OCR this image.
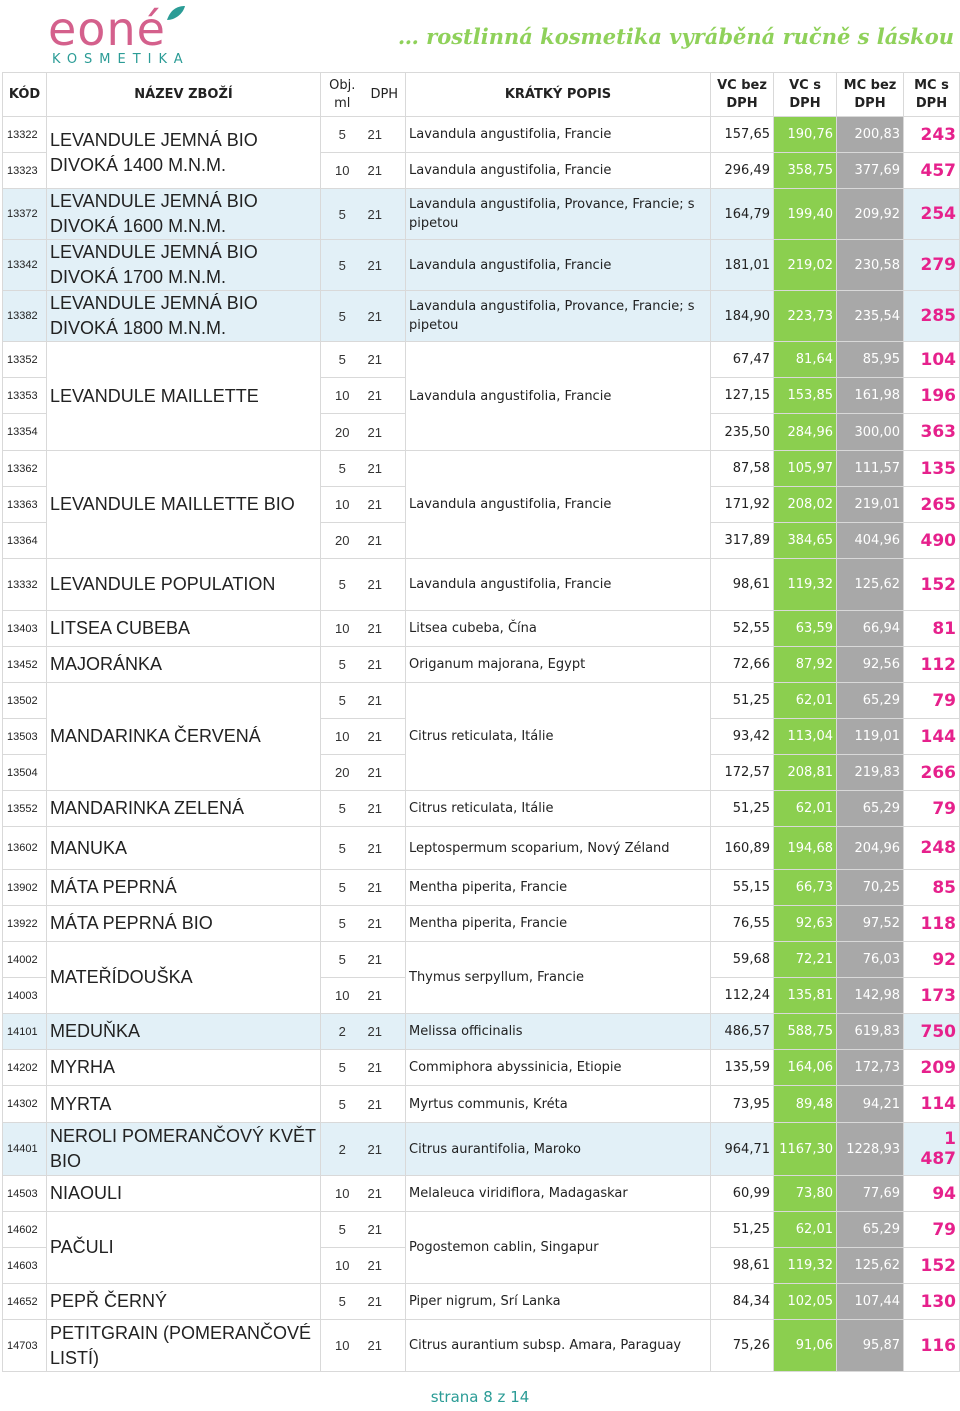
eoné
KOSMETIKA
… rostlinná kosmetika vyráběná ručně s láskou
KÓD	NÁZEV ZBOŽÍ	Obj. ml	DPH	KRÁTKÝ POPIS	VC bez DPH	VC s DPH	MC bez DPH	MC s DPH
13322	LEVANDULE JEMNÁ BIO DIVOKÁ 1400 M.N.M.	5	21	Lavandula angustifolia, Francie	157,65	190,76	200,83	243
13323		10	21	Lavandula angustifolia, Francie	296,49	358,75	377,69	457
13372	LEVANDULE JEMNÁ BIO DIVOKÁ 1600 M.N.M.	5	21	Lavandula angustifolia, Provance, Francie; s pipetou	164,79	199,40	209,92	254
13342	LEVANDULE JEMNÁ BIO DIVOKÁ 1700 M.N.M.	5	21	Lavandula angustifolia, Francie	181,01	219,02	230,58	279
13382	LEVANDULE JEMNÁ BIO DIVOKÁ 1800 M.N.M.	5	21	Lavandula angustifolia, Provance, Francie; s pipetou	184,90	223,73	235,54	285
13352	LEVANDULE MAILLETTE	5	21	Lavandula angustifolia, Francie	67,47	81,64	85,95	104
13353		10	21		127,15	153,85	161,98	196
13354		20	21		235,50	284,96	300,00	363
13362	LEVANDULE MAILLETTE BIO	5	21	Lavandula angustifolia, Francie	87,58	105,97	111,57	135
13363		10	21		171,92	208,02	219,01	265
13364		20	21		317,89	384,65	404,96	490
13332	LEVANDULE POPULATION	5	21	Lavandula angustifolia, Francie	98,61	119,32	125,62	152
13403	LITSEA CUBEBA	10	21	Litsea cubeba, Čína	52,55	63,59	66,94	81
13452	MAJORÁNKA	5	21	Origanum majorana, Egypt	72,66	87,92	92,56	112
13502	MANDARINKA ČERVENÁ	5	21	Citrus reticulata, Itálie	51,25	62,01	65,29	79
13503		10	21		93,42	113,04	119,01	144
13504		20	21		172,57	208,81	219,83	266
13552	MANDARINKA ZELENÁ	5	21	Citrus reticulata, Itálie	51,25	62,01	65,29	79
13602	MANUKA	5	21	Leptospermum scoparium, Nový Zéland	160,89	194,68	204,96	248
13902	MÁTA PEPRNÁ	5	21	Mentha piperita, Francie	55,15	66,73	70,25	85
13922	MÁTA PEPRNÁ BIO	5	21	Mentha piperita, Francie	76,55	92,63	97,52	118
14002	MATEŘÍDOUŠKA	5	21	Thymus serpyllum, Francie	59,68	72,21	76,03	92
14003		10	21		112,24	135,81	142,98	173
14101	MEDUŇKA	2	21	Melissa officinalis	486,57	588,75	619,83	750
14202	MYRHA	5	21	Commiphora abyssinicia, Etiopie	135,59	164,06	172,73	209
14302	MYRTA	5	21	Myrtus communis, Kréta	73,95	89,48	94,21	114
14401	NEROLI POMERANČOVÝ KVĚT BIO	2	21	Citrus aurantifolia, Maroko	964,71	1167,30	1228,93	1 487
14503	NIAOULI	10	21	Melaleuca viridiflora, Madagaskar	60,99	73,80	77,69	94
14602	PAČULI	5	21	Pogostemon cablin, Singapur	51,25	62,01	65,29	79
14603		10	21		98,61	119,32	125,62	152
14652	PEPŘ ČERNÝ	5	21	Piper nigrum, Srí Lanka	84,34	102,05	107,44	130
14703	PETITGRAIN (POMERANČOVÉ LISTÍ)	10	21	Citrus aurantium subsp. Amara, Paraguay	75,26	91,06	95,87	116
strana 8 z 14
